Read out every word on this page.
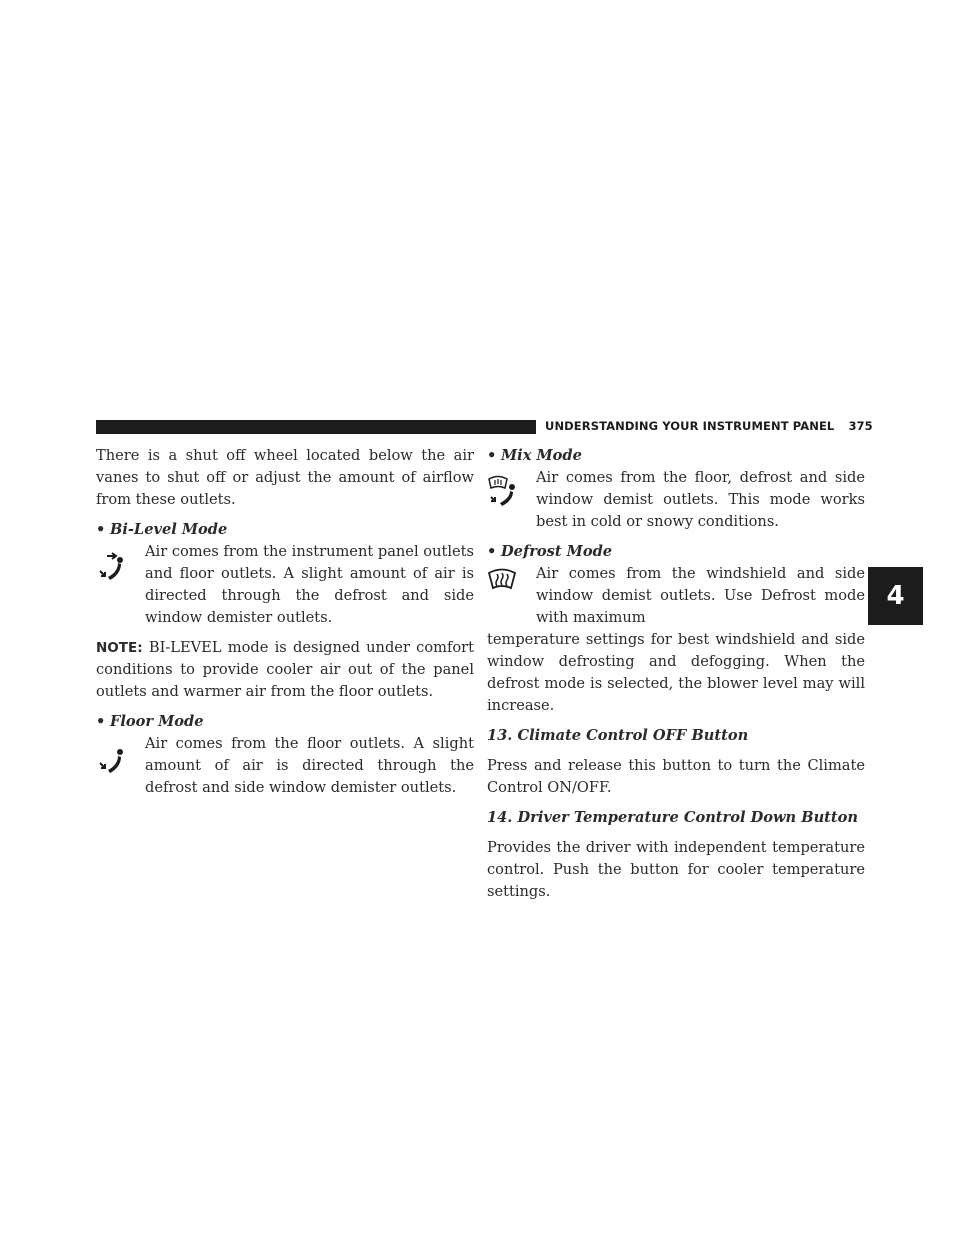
UNDERSTANDING YOUR INSTRUMENT PANEL 375
4

There is a shut off wheel located below the air vanes to shut off or adjust the amount of airflow from these outlets.

• Bi-Level Mode

Air comes from the instrument panel outlets and floor outlets. A slight amount of air is directed through the defrost and side window demister outlets.

NOTE: BI-LEVEL mode is designed under comfort conditions to provide cooler air out of the panel outlets and warmer air from the floor outlets.

• Floor Mode

Air comes from the floor outlets. A slight amount of air is directed through the defrost and side window demister outlets.

• Mix Mode

Air comes from the floor, defrost and side window demist outlets. This mode works best in cold or snowy conditions.

• Defrost Mode

Air comes from the windshield and side window demist outlets. Use Defrost mode with maximum

temperature settings for best windshield and side window defrosting and defogging. When the defrost mode is selected, the blower level may will increase.

13. Climate Control OFF Button

Press and release this button to turn the Climate Control ON/OFF.

14. Driver Temperature Control Down Button

Provides the driver with independent temperature control. Push the button for cooler temperature settings.
